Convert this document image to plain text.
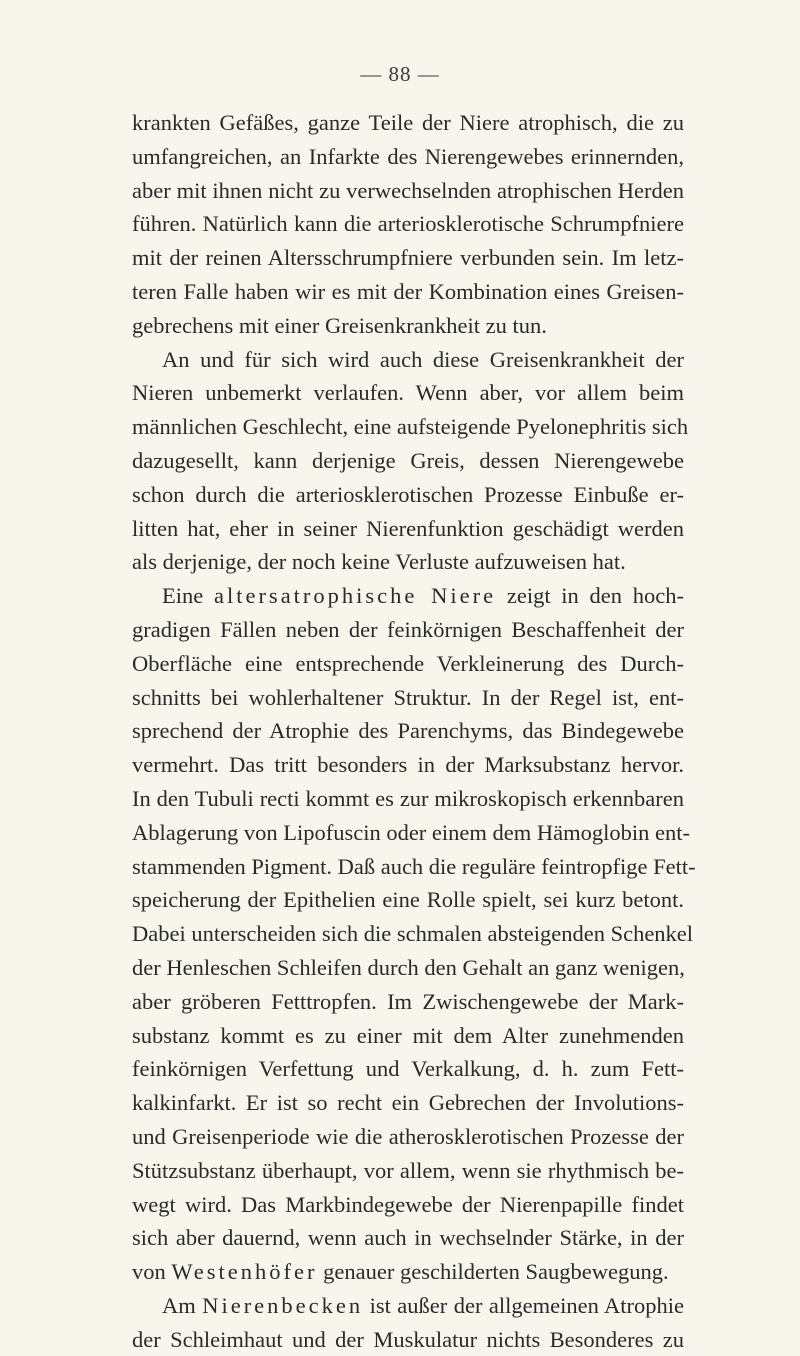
— 88 —
krankten Gefäßes, ganze Teile der Niere atrophisch, die zu
umfangreichen, an Infarkte des Nierengewebes erinnernden,
aber mit ihnen nicht zu verwechselnden atrophischen Herden
führen. Natürlich kann die arteriosklerotische Schrumpfniere
mit der reinen Altersschrumpfniere verbunden sein. Im letz-
teren Falle haben wir es mit der Kombination eines Greisen-
gebrechens mit einer Greisenkrankheit zu tun.
An und für sich wird auch diese Greisenkrankheit der
Nieren unbemerkt verlaufen. Wenn aber, vor allem beim
männlichen Geschlecht, eine aufsteigende Pyelonephritis sich
dazugesellt, kann derjenige Greis, dessen Nierengewebe
schon durch die arteriosklerotischen Prozesse Einbuße er-
litten hat, eher in seiner Nierenfunktion geschädigt werden
als derjenige, der noch keine Verluste aufzuweisen hat.
Eine altersatrophische Niere zeigt in den hoch-
gradigen Fällen neben der feinkörnigen Beschaffenheit der
Oberfläche eine entsprechende Verkleinerung des Durch-
schnitts bei wohlerhaltener Struktur. In der Regel ist, ent-
sprechend der Atrophie des Parenchyms, das Bindegewebe
vermehrt. Das tritt besonders in der Marksubstanz hervor.
In den Tubuli recti kommt es zur mikroskopisch erkennbaren
Ablagerung von Lipofuscin oder einem dem Hämoglobin ent-
stammenden Pigment. Daß auch die reguläre feintropfige Fett-
speicherung der Epithelien eine Rolle spielt, sei kurz betont.
Dabei unterscheiden sich die schmalen absteigenden Schenkel
der Henleschen Schleifen durch den Gehalt an ganz wenigen,
aber gröberen Fetttropfen. Im Zwischengewebe der Mark-
substanz kommt es zu einer mit dem Alter zunehmenden
feinkörnigen Verfettung und Verkalkung, d. h. zum Fett-
kalkinfarkt. Er ist so recht ein Gebrechen der Involutions-
und Greisenperiode wie die atherosklerotischen Prozesse der
Stützsubstanz überhaupt, vor allem, wenn sie rhythmisch be-
wegt wird. Das Markbindegewebe der Nierenpapille findet
sich aber dauernd, wenn auch in wechselnder Stärke, in der
von Westenhöfer genauer geschilderten Saugbewegung.
Am Nierenbecken ist außer der allgemeinen Atrophie
der Schleimhaut und der Muskulatur nichts Besonderes zu
